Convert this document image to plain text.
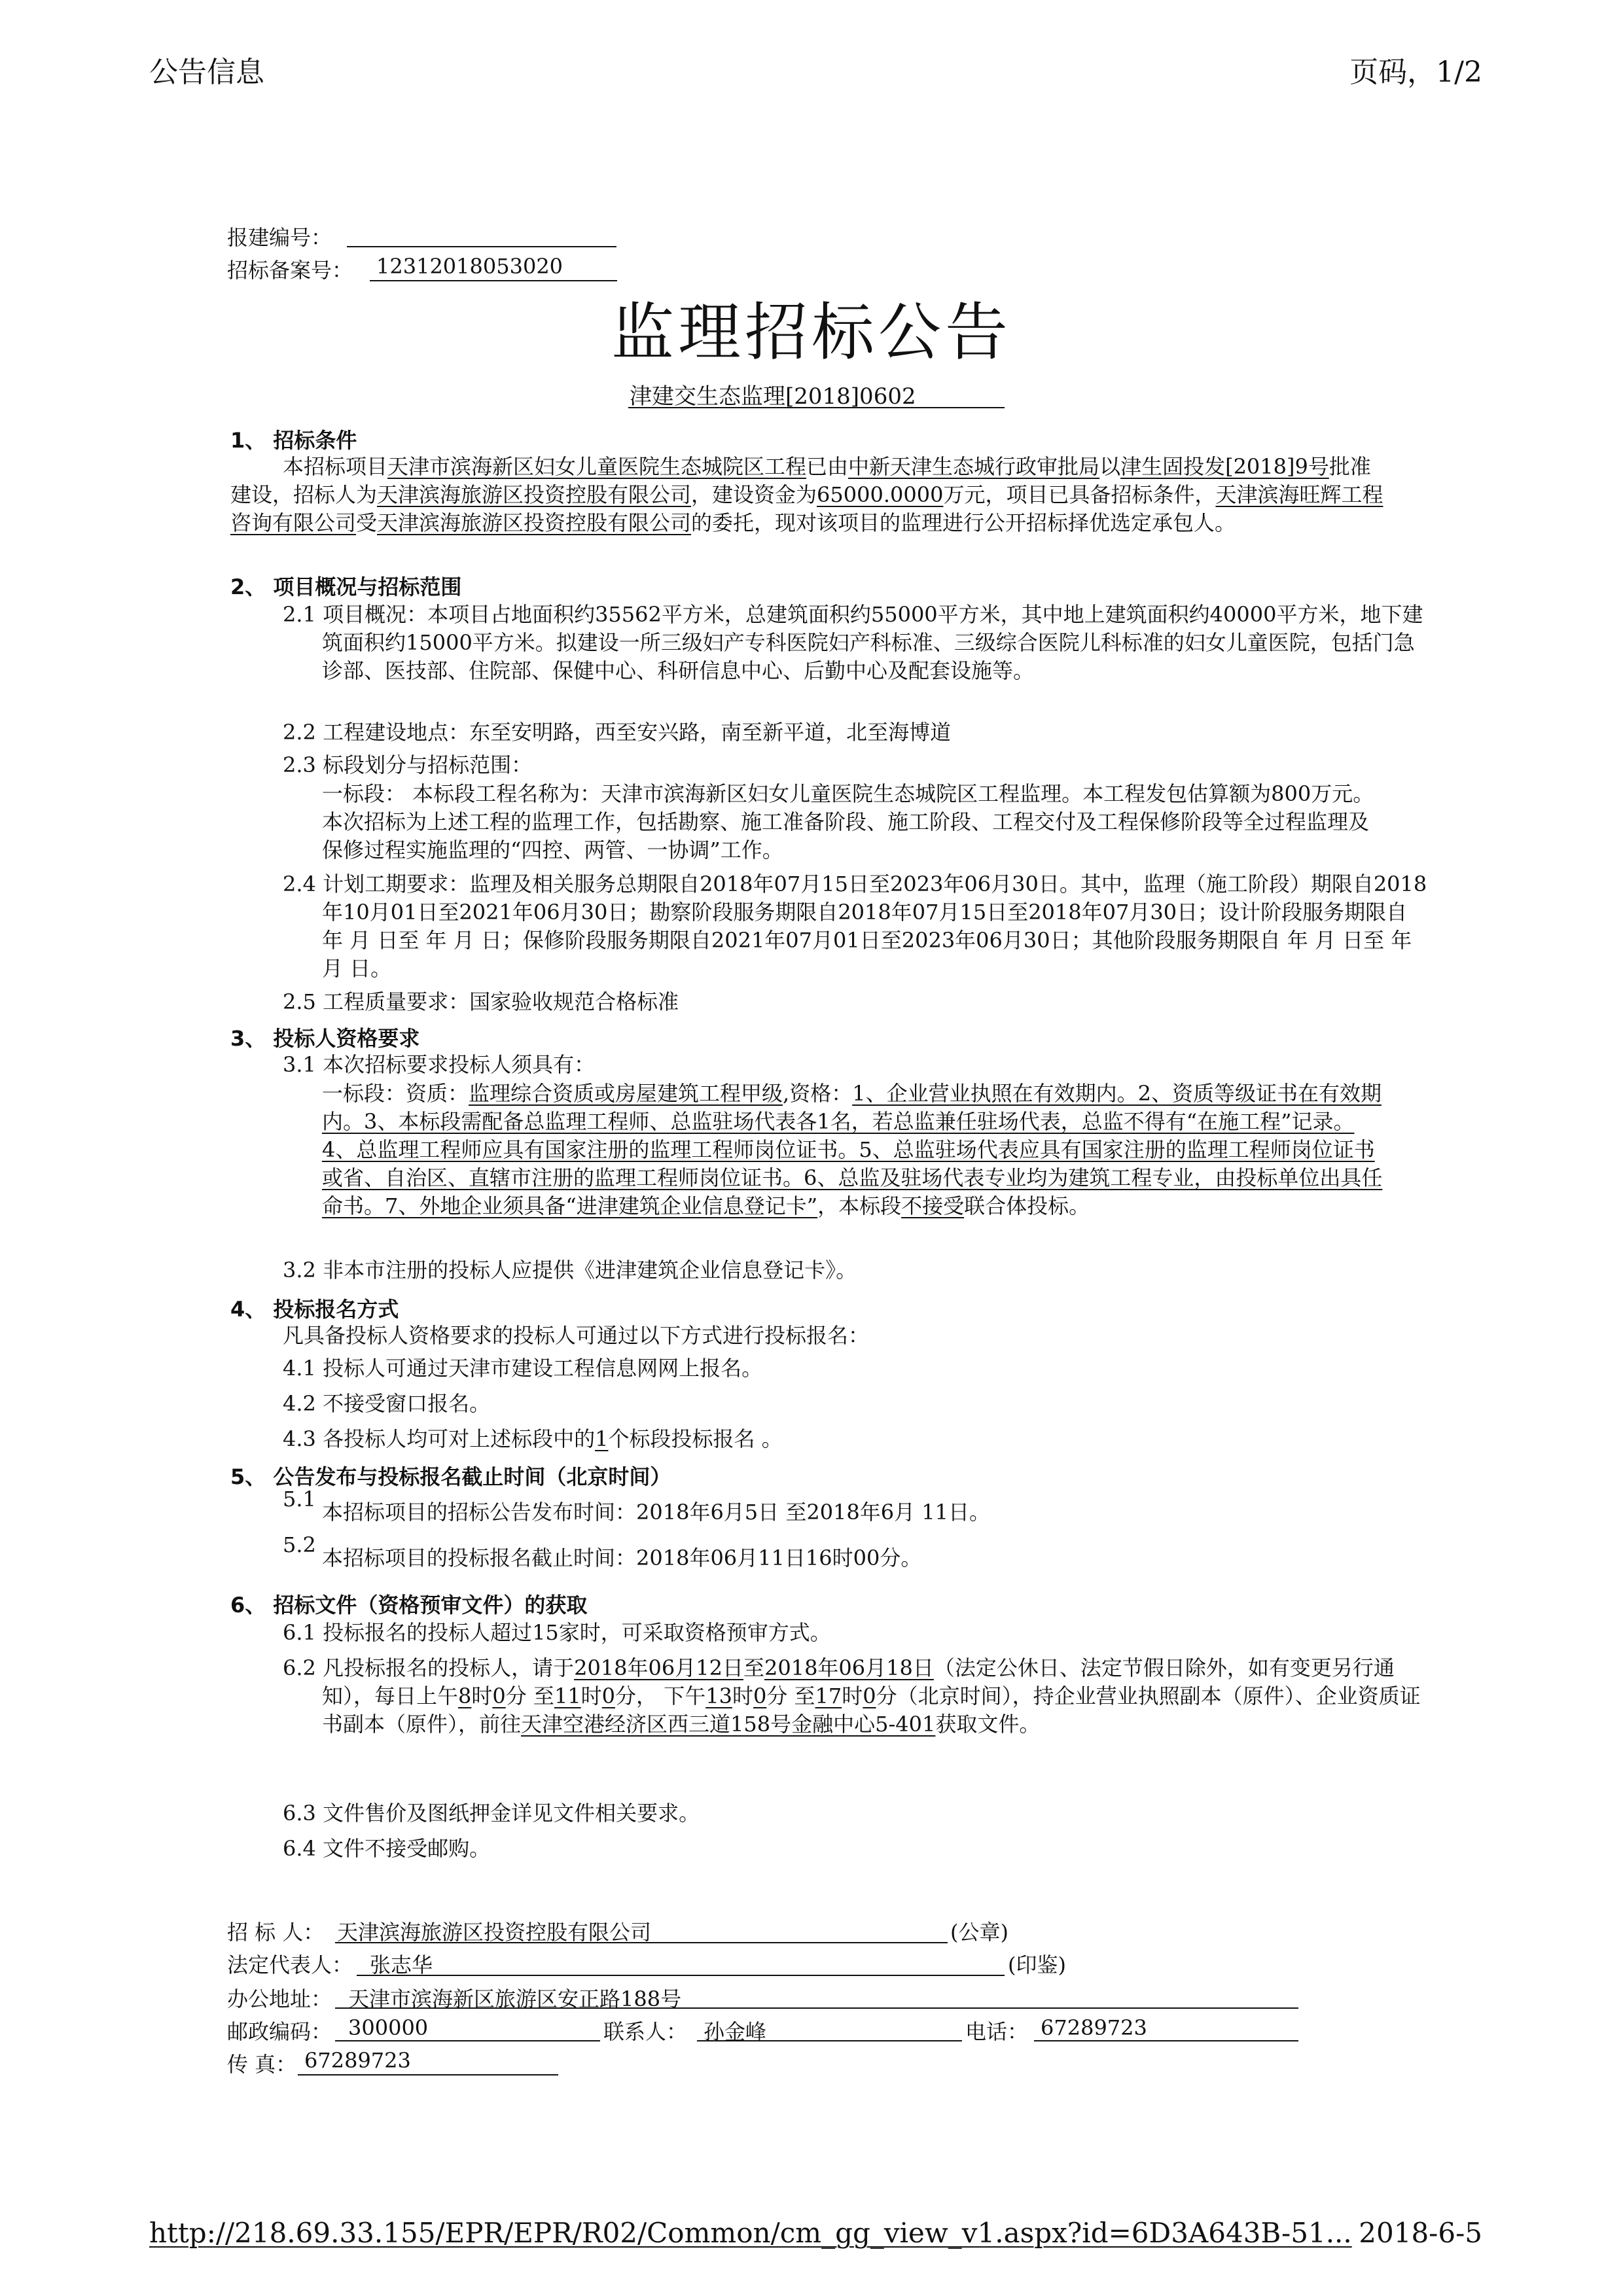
公告信息	页码，1/2
报建编号：
招标备案号： 12312018053020
监理招标公告
津建交生态监理[2018]0602
1、 招标条件
本招标项目天津市滨海新区妇女儿童医院生态城院区工程已由中新天津生态城行政审批局以津生固投发[2018]9号批准建设，招标人为天津滨海旅游区投资控股有限公司，建设资金为65000.0000万元，项目已具备招标条件，天津滨海旺辉工程咨询有限公司受天津滨海旅游区投资控股有限公司的委托，现对该项目的监理进行公开招标择优选定承包人。
2、 项目概况与招标范围
2.1 项目概况：本项目占地面积约35562平方米，总建筑面积约55000平方米，其中地上建筑面积约40000平方米，地下建筑面积约15000平方米。拟建设一所三级妇产专科医院妇产科标准、三级综合医院儿科标准的妇女儿童医院，包括门急诊部、医技部、住院部、保健中心、科研信息中心、后勤中心及配套设施等。
2.2 工程建设地点：东至安明路，西至安兴路，南至新平道，北至海博道
2.3 标段划分与招标范围：
一标段： 本标段工程名称为：天津市滨海新区妇女儿童医院生态城院区工程监理。本工程发包估算额为800万元。本次招标为上述工程的监理工作，包括勘察、施工准备阶段、施工阶段、工程交付及工程保修阶段等全过程监理及保修过程实施监理的“四控、两管、一协调”工作。
2.4 计划工期要求：监理及相关服务总期限自2018年07月15日至2023年06月30日。其中，监理（施工阶段）期限自2018年10月01日至2021年06月30日；勘察阶段服务期限自2018年07月15日至2018年07月30日；设计阶段服务期限自 年 月 日至 年 月 日；保修阶段服务期限自2021年07月01日至2023年06月30日；其他阶段服务期限自 年 月 日至 年 月 日。
2.5 工程质量要求：国家验收规范合格标准
3、 投标人资格要求
3.1 本次招标要求投标人须具有：
一标段：资质：监理综合资质或房屋建筑工程甲级,资格：1、企业营业执照在有效期内。2、资质等级证书在有效期内。3、本标段需配备总监理工程师、总监驻场代表各1名，若总监兼任驻场代表，总监不得有“在施工程”记录。4、总监理工程师应具有国家注册的监理工程师岗位证书。5、总监驻场代表应具有国家注册的监理工程师岗位证书或省、自治区、直辖市注册的监理工程师岗位证书。6、总监及驻场代表专业均为建筑工程专业，由投标单位出具任命书。7、外地企业须具备“进津建筑企业信息登记卡”，本标段不接受联合体投标。
3.2 非本市注册的投标人应提供《进津建筑企业信息登记卡》。
4、 投标报名方式
凡具备投标人资格要求的投标人可通过以下方式进行投标报名：
4.1 投标人可通过天津市建设工程信息网网上报名。
4.2 不接受窗口报名。
4.3 各投标人均可对上述标段中的1个标段投标报名 。
5、 公告发布与投标报名截止时间（北京时间）
5.1
本招标项目的招标公告发布时间：2018年6月5日 至2018年6月 11日。
5.2
本招标项目的投标报名截止时间：2018年06月11日16时00分。
6、 招标文件（资格预审文件）的获取
6.1 投标报名的投标人超过15家时，可采取资格预审方式。
6.2 凡投标报名的投标人，请于2018年06月12日至2018年06月18日（法定公休日、法定节假日除外，如有变更另行通知），每日上午8时0分 至11时0分， 下午13时0分 至17时0分（北京时间），持企业营业执照副本（原件）、企业资质证书副本（原件），前往天津空港经济区西三道158号金融中心5-401获取文件。
6.3 文件售价及图纸押金详见文件相关要求。
6.4 文件不接受邮购。
招 标 人： 天津滨海旅游区投资控股有限公司	(公章)
法定代表人： 张志华	(印鉴)
办公地址： 天津市滨海新区旅游区安正路188号
邮政编码： 300000	联系人： 孙金峰	电话： 67289723
传 真： 67289723
http://218.69.33.155/EPR/EPR/R02/Common/cm_gg_view_v1.aspx?id=6D3A643B-51... 2018-6-5
